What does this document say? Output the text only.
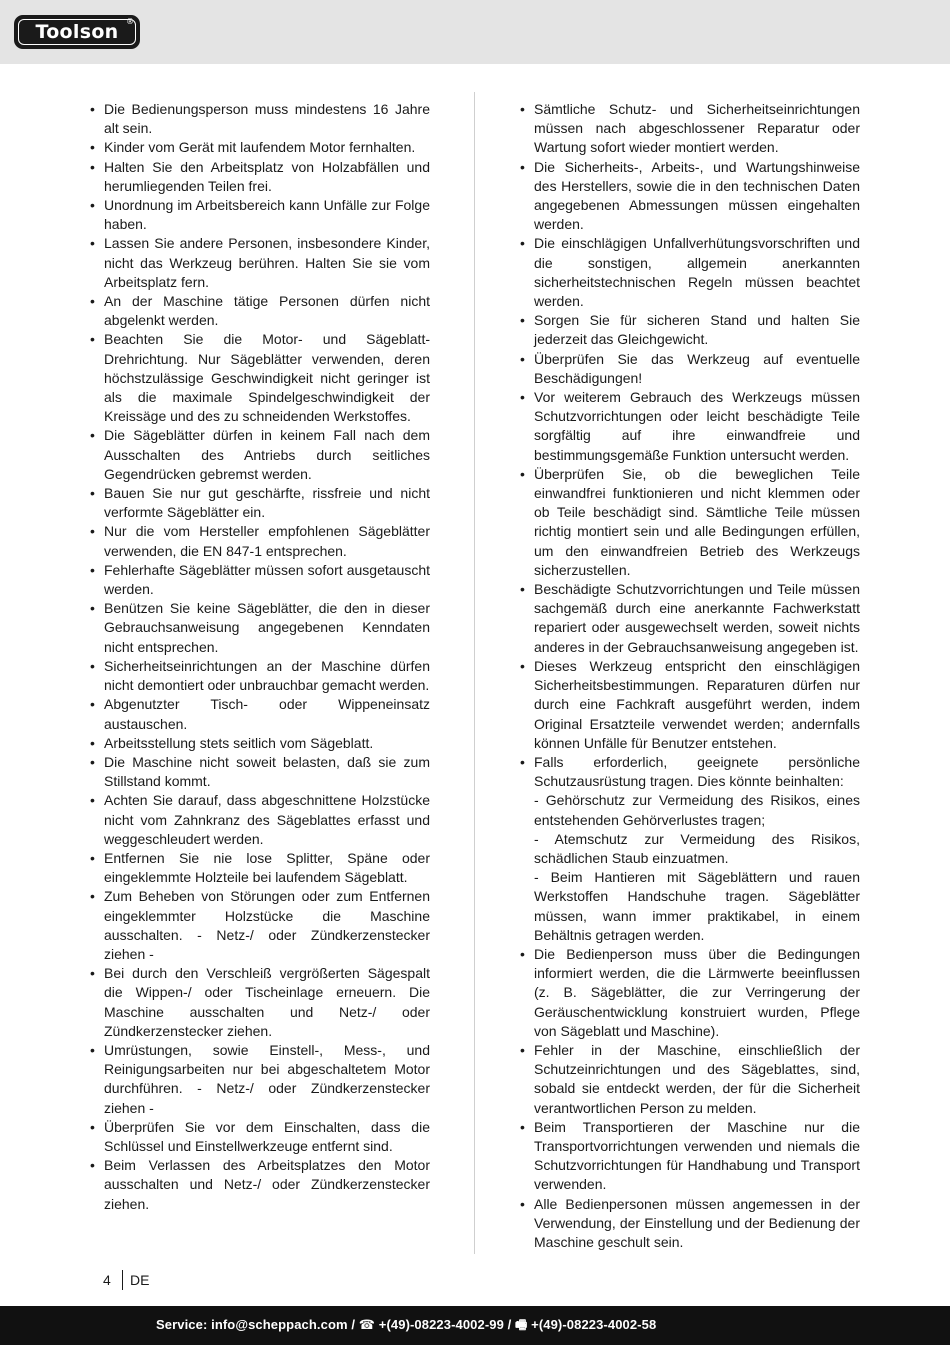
Toolson ®
• Die Bedienungsperson muss mindestens 16 Jahre alt sein.
• Kinder vom Gerät mit laufendem Motor fernhalten.
• Halten Sie den Arbeitsplatz von Holzabfällen und herumliegenden Teilen frei.
• Unordnung im Arbeitsbereich kann Unfälle zur Folge haben.
• Lassen Sie andere Personen, insbesondere Kinder, nicht das Werkzeug berühren. Halten Sie sie vom Arbeitsplatz fern.
• An der Maschine tätige Personen dürfen nicht abgelenkt werden.
• Beachten Sie die Motor- und Sägeblatt-Drehrichtung. Nur Sägeblätter verwenden, deren höchstzulässige Geschwindigkeit nicht geringer ist als die maximale Spindelgeschwindigkeit der Kreissäge und des zu schneidenden Werkstoffes.
• Die Sägeblätter dürfen in keinem Fall nach dem Ausschalten des Antriebs durch seitliches Gegendrücken gebremst werden.
• Bauen Sie nur gut geschärfte, rissfreie und nicht verformte Sägeblätter ein.
• Nur die vom Hersteller empfohlenen Sägeblätter verwenden, die EN 847-1 entsprechen.
• Fehlerhafte Sägeblätter müssen sofort ausgetauscht werden.
• Benützen Sie keine Sägeblätter, die den in dieser Gebrauchsanweisung angegebenen Kenndaten nicht entsprechen.
• Sicherheitseinrichtungen an der Maschine dürfen nicht demontiert oder unbrauchbar gemacht werden.
• Abgenutzter Tisch- oder Wippeneinsatz austauschen.
• Arbeitsstellung stets seitlich vom Sägeblatt.
• Die Maschine nicht soweit belasten, daß sie zum Stillstand kommt.
• Achten Sie darauf, dass abgeschnittene Holzstücke nicht vom Zahnkranz des Sägeblattes erfasst und weggeschleudert werden.
• Entfernen Sie nie lose Splitter, Späne oder eingeklemmte Holzteile bei laufendem Sägeblatt.
• Zum Beheben von Störungen oder zum Entfernen eingeklemmter Holzstücke die Maschine ausschalten. - Netz-/ oder Zündkerzenstecker ziehen -
• Bei durch den Verschleiß vergrößerten Sägespalt die Wippen-/ oder Tischeinlage erneuern. Die Maschine ausschalten und Netz-/ oder Zündkerzenstecker ziehen.
• Umrüstungen, sowie Einstell-, Mess-, und Reinigungsarbeiten nur bei abgeschaltetem Motor durchführen. - Netz-/ oder Zündkerzenstecker ziehen -
• Überprüfen Sie vor dem Einschalten, dass die Schlüssel und Einstellwerkzeuge entfernt sind.
• Beim Verlassen des Arbeitsplatzes den Motor ausschalten und Netz-/ oder Zündkerzenstecker ziehen.
• Sämtliche Schutz- und Sicherheitseinrichtungen müssen nach abgeschlossener Reparatur oder Wartung sofort wieder montiert werden.
• Die Sicherheits-, Arbeits-, und Wartungshinweise des Herstellers, sowie die in den technischen Daten angegebenen Abmessungen müssen eingehalten werden.
• Die einschlägigen Unfallverhütungsvorschriften und die sonstigen, allgemein anerkannten sicherheitstechnischen Regeln müssen beachtet werden.
• Sorgen Sie für sicheren Stand und halten Sie jederzeit das Gleichgewicht.
• Überprüfen Sie das Werkzeug auf eventuelle Beschädigungen!
• Vor weiterem Gebrauch des Werkzeugs müssen Schutzvorrichtungen oder leicht beschädigte Teile sorgfältig auf ihre einwandfreie und bestimmungsgemäße Funktion untersucht werden.
• Überprüfen Sie, ob die beweglichen Teile einwandfrei funktionieren und nicht klemmen oder ob Teile beschädigt sind. Sämtliche Teile müssen richtig montiert sein und alle Bedingungen erfüllen, um den einwandfreien Betrieb des Werkzeugs sicherzustellen.
• Beschädigte Schutzvorrichtungen und Teile müssen sachgemäß durch eine anerkannte Fachwerkstatt repariert oder ausgewechselt werden, soweit nichts anderes in der Gebrauchsanweisung angegeben ist.
• Dieses Werkzeug entspricht den einschlägigen Sicherheitsbestimmungen. Reparaturen dürfen nur durch eine Fachkraft ausgeführt werden, indem Original Ersatzteile verwendet werden; andernfalls können Unfälle für Benutzer entstehen.
• Falls erforderlich, geeignete persönliche Schutzausrüstung tragen. Dies könnte beinhalten:
- Gehörschutz zur Vermeidung des Risikos, eines entstehenden Gehörverlustes tragen;
- Atemschutz zur Vermeidung des Risikos, schädlichen Staub einzuatmen.
- Beim Hantieren mit Sägeblättern und rauen Werkstoffen Handschuhe tragen. Sägeblätter müssen, wann immer praktikabel, in einem Behältnis getragen werden.
• Die Bedienperson muss über die Bedingungen informiert werden, die die Lärmwerte beeinflussen (z. B. Sägeblätter, die zur Verringerung der Geräuschentwicklung konstruiert wurden, Pflege von Sägeblatt und Maschine).
• Fehler in der Maschine, einschließlich der Schutzeinrichtungen und des Sägeblattes, sind, sobald sie entdeckt werden, der für die Sicherheit verantwortlichen Person zu melden.
• Beim Transportieren der Maschine nur die Transportvorrichtungen verwenden und niemals die Schutzvorrichtungen für Handhabung und Transport verwenden.
• Alle Bedienpersonen müssen angemessen in der Verwendung, der Einstellung und der Bedienung der Maschine geschult sein.
4 DE
Service: info@scheppach.com / ☎ +(49)-08223-4002-99 / 🖷 +(49)-08223-4002-58
